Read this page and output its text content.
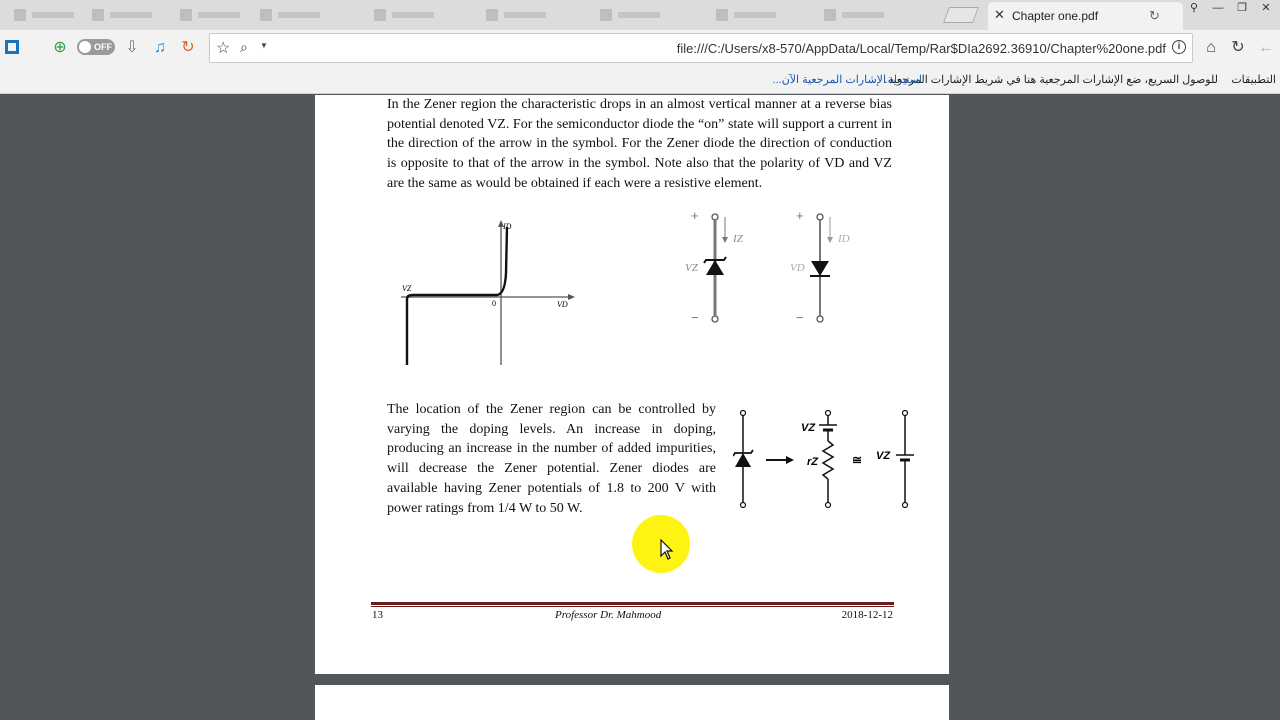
✕ Chapter one.pdf	↻	⚲	—	❐	✕
⊕	OFF ⇩ ♫ ↻ ☆ ⌕ ▼	file:///C:/Users/x8-570/AppData/Local/Temp/Rar$DIa2692.36910/Chapter%20one.pdf	i	⌂ ↻ ←
التطبيقات
للوصول السريع، ضع الإشارات المرجعية هنا في شريط الإشارات المرجعية.
استيراد الإشارات المرجعية الآن...

In the Zener region the characteristic drops in an almost vertical manner at a reverse bias potential denoted VZ. For the semiconductor diode the “on” state will support a current in the direction of the arrow in the symbol. For the Zener diode the direction of conduction is opposite to that of the arrow in the symbol. Note also that the polarity of VD and VZ are the same as would be obtained if each were a resistive element.

ID
VD
VZ
0
+
−
VZ
IZ
+
−
VD
ID

The location of the Zener region can be controlled by varying the doping levels. An increase in doping, producing an increase in the number of added impurities, will decrease the Zener potential. Zener diodes are available having Zener potentials of 1.8 to 200 V with power ratings from 1/4 W to 50 W.

VZ
rZ	≅ VZ
13	Professor Dr. Mahmood	2018-12-12
